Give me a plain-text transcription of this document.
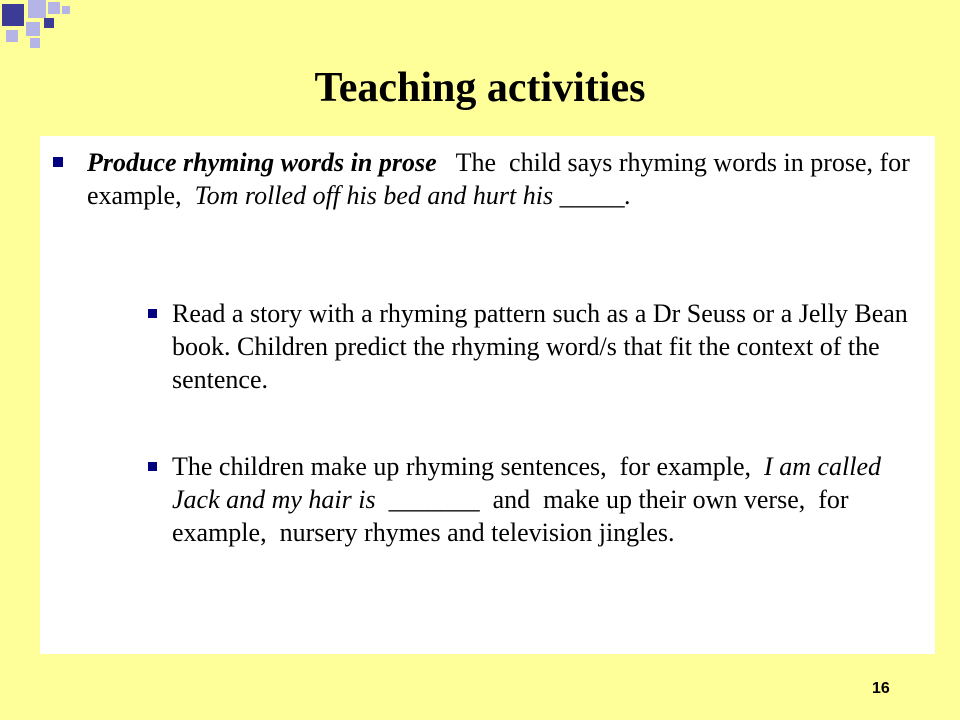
Teaching activities
Produce rhyming words in prose   The  child says rhyming words in prose, for example,  Tom rolled off his bed and hurt his _____.
Read a story with a rhyming pattern such as a Dr Seuss or a Jelly Bean book. Children predict the rhyming word/s that fit the context of the sentence.
The children make up rhyming sentences,  for example,  I am called Jack and my hair is  _______  and  make up their own verse,  for example,  nursery rhymes and television jingles.
16
